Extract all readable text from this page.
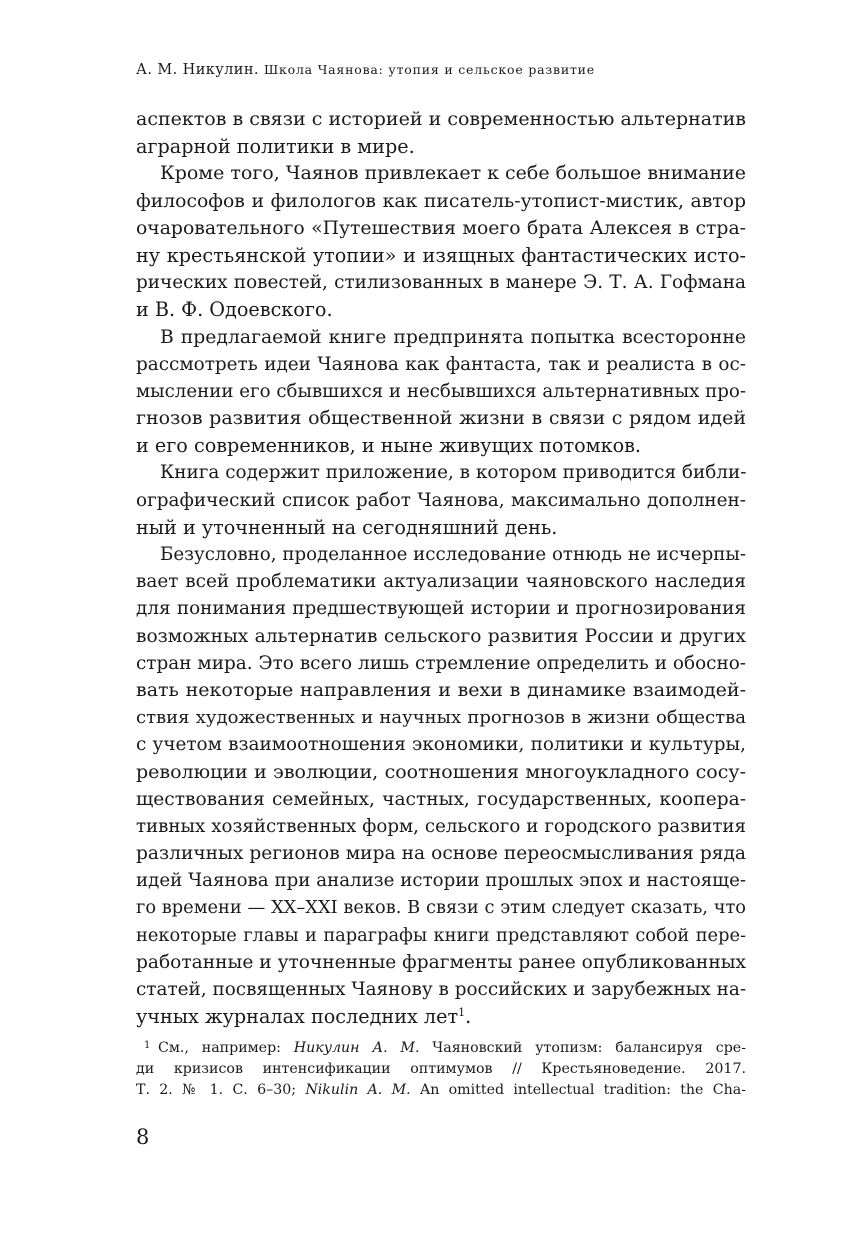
А. М. Никулин. Школа Чаянова: утопия и сельское развитие
аспектов в связи с историей и современностью альтернатив
аграрной политики в мире.
Кроме того, Чаянов привлекает к себе большое внимание
философов и филологов как писатель-утопист-мистик, автор
очаровательного «Путешествия моего брата Алексея в стра-
ну крестьянской утопии» и изящных фантастических исто-
рических повестей, стилизованных в манере Э. Т. А. Гофмана
и В. Ф. Одоевского.
В предлагаемой книге предпринята попытка всесторонне
рассмотреть идеи Чаянова как фантаста, так и реалиста в ос-
мыслении его сбывшихся и несбывшихся альтернативных про-
гнозов развития общественной жизни в связи с рядом идей
и его современников, и ныне живущих потомков.
Книга содержит приложение, в котором приводится библи-
ографический список работ Чаянова, максимально дополнен-
ный и уточненный на сегодняшний день.
Безусловно, проделанное исследование отнюдь не исчерпы-
вает всей проблематики актуализации чаяновского наследия
для понимания предшествующей истории и прогнозирования
возможных альтернатив сельского развития России и других
стран мира. Это всего лишь стремление определить и обосно-
вать некоторые направления и вехи в динамике взаимодей-
ствия художественных и научных прогнозов в жизни общества
с учетом взаимоотношения экономики, политики и культуры,
революции и эволюции, соотношения многоукладного сосу-
ществования семейных, частных, государственных, коопера-
тивных хозяйственных форм, сельского и городского развития
различных регионов мира на основе переосмысливания ряда
идей Чаянова при анализе истории прошлых эпох и настояще-
го времени — XX–XXI веков. В связи с этим следует сказать, что
некоторые главы и параграфы книги представляют собой пере-
работанные и уточненные фрагменты ранее опубликованных
статей, посвященных Чаянову в российских и зарубежных на-
учных журналах последних лет$^1$.
1 См., например: Никулин А. М. Чаяновский утопизм: балансируя сре-
ди кризисов интенсификации оптимумов // Крестьяноведение. 2017.
Т. 2. № 1. С. 6–30; Nikulin A. M. An omitted intellectual tradition: the Cha-
8
